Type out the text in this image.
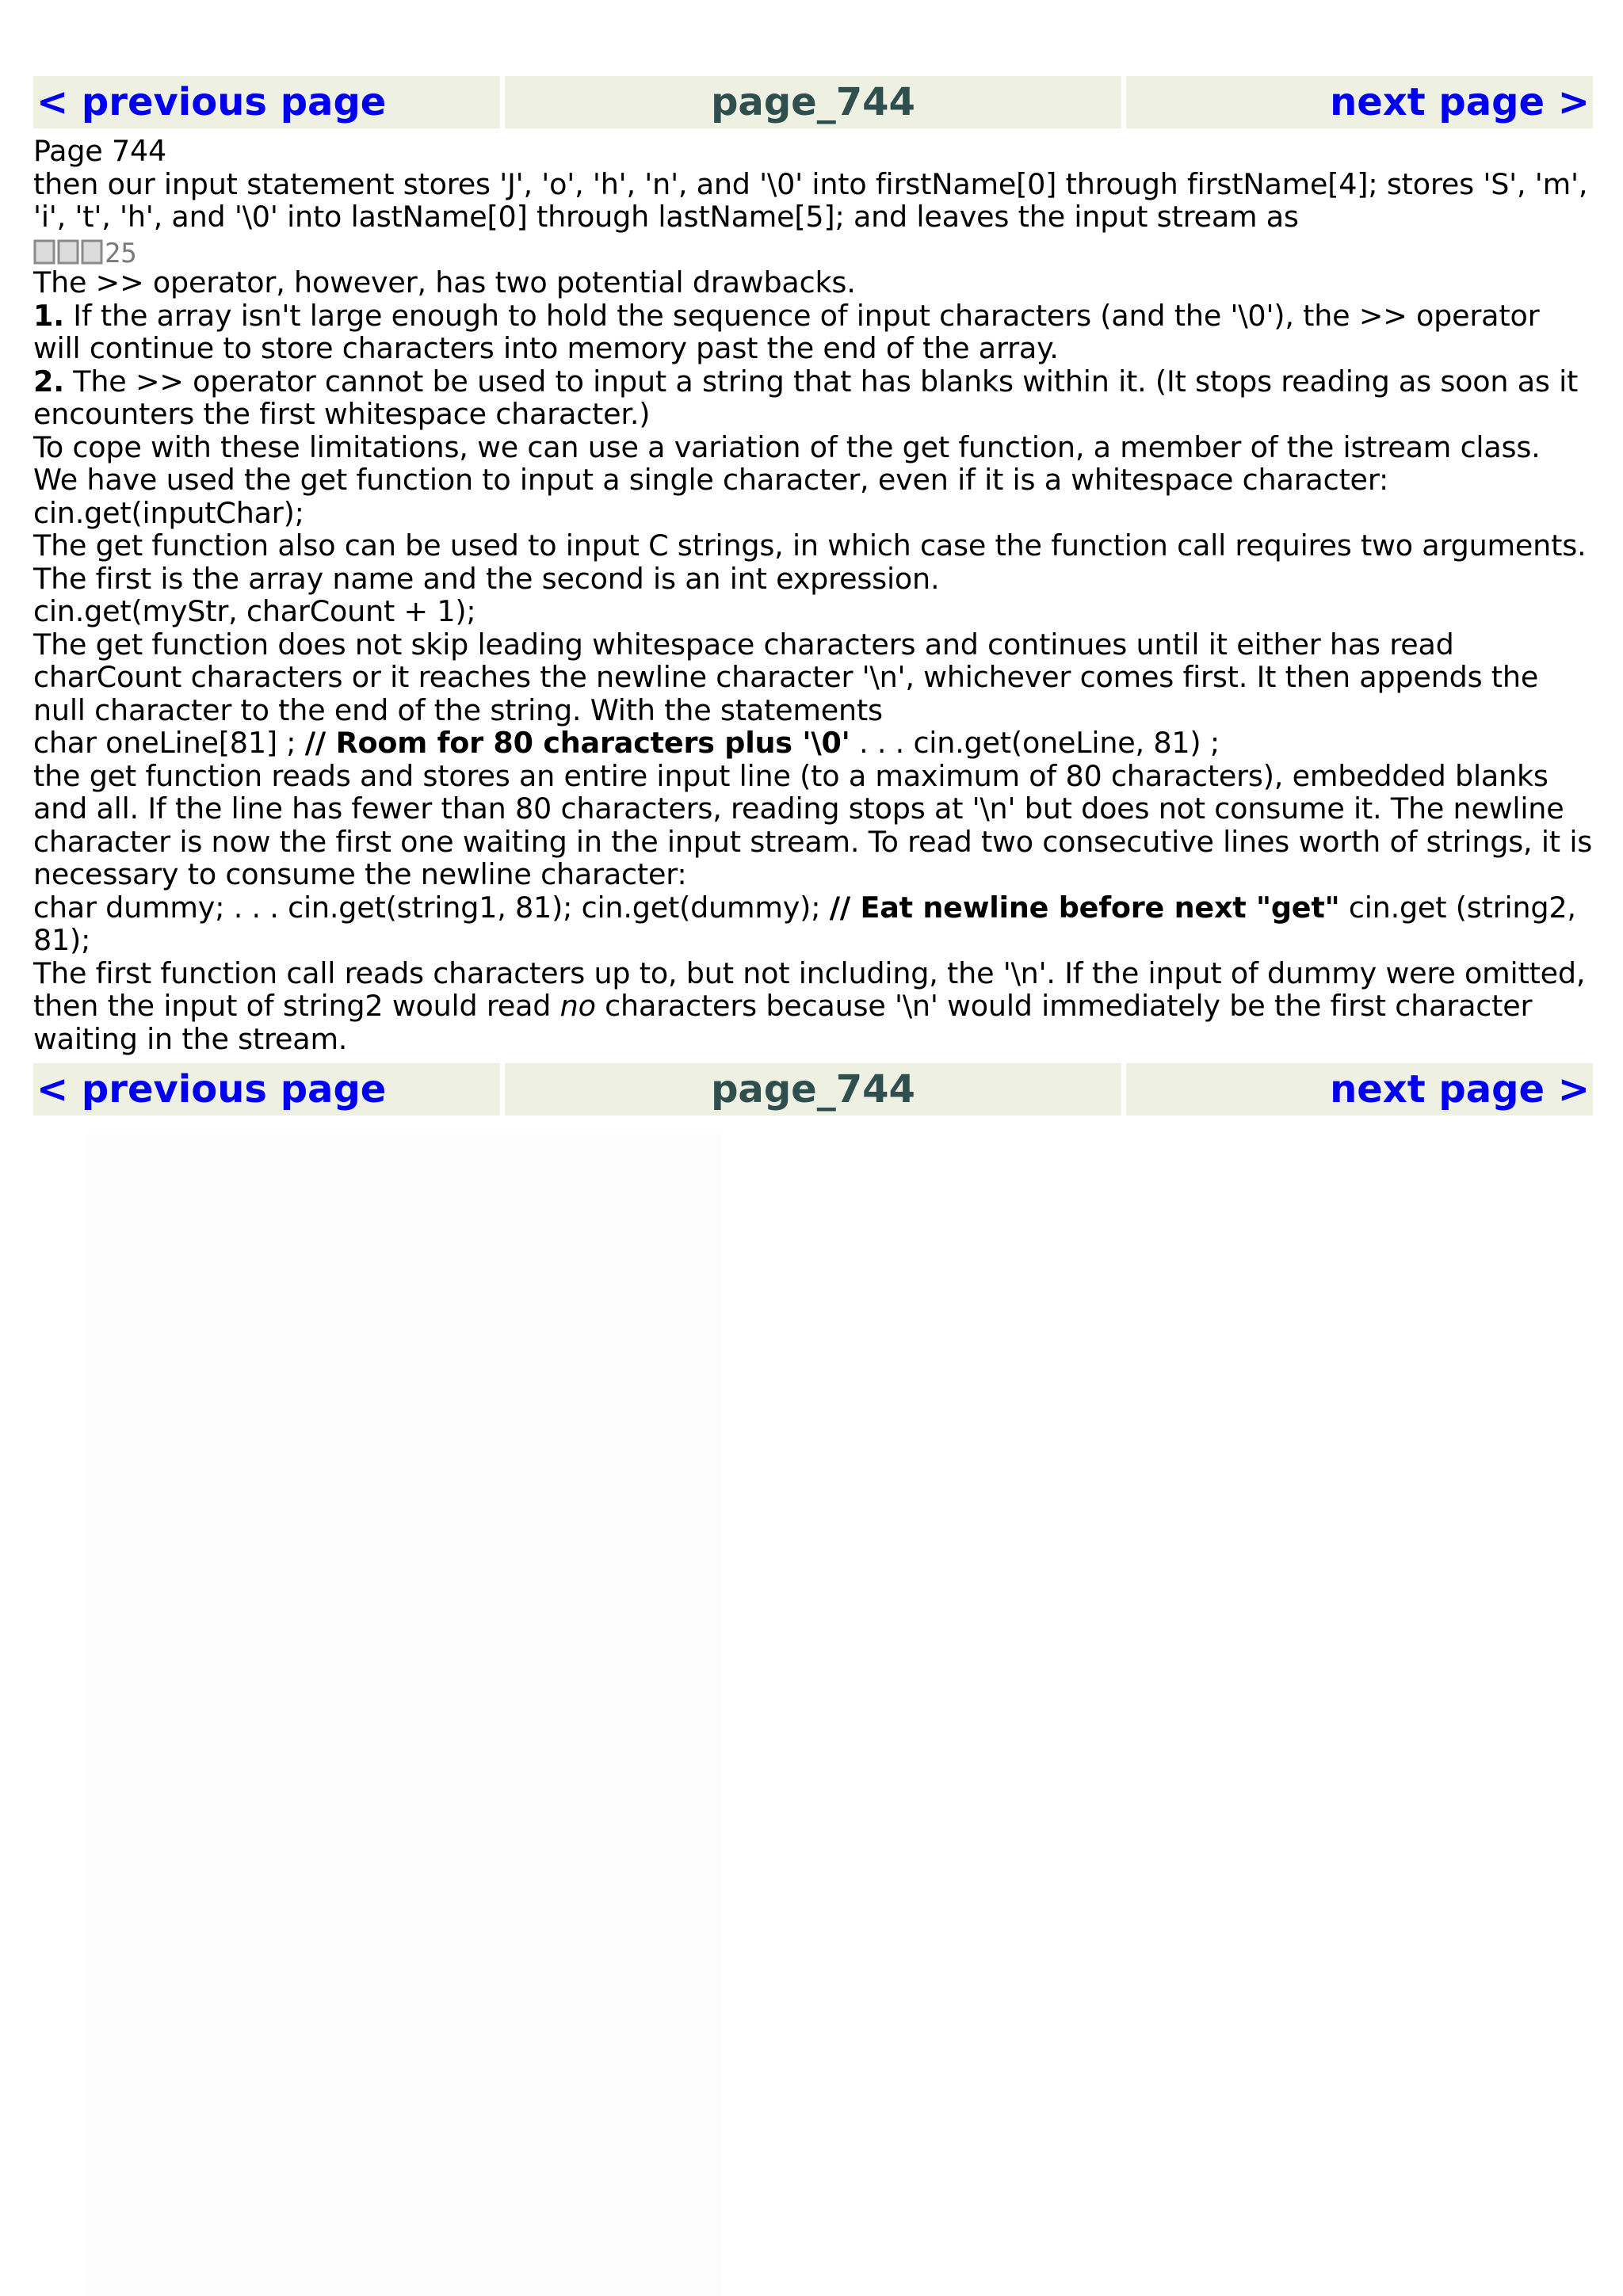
< previous page	page_744	next page >

Page 744

then our input statement stores 'J', 'o', 'h', 'n', and '\0' into firstName[0] through firstName[4]; stores 'S', 'm', 'i', 't', 'h', and '\0' into lastName[0] through lastName[5]; and leaves the input stream as

25

The >> operator, however, has two potential drawbacks.

1. If the array isn't large enough to hold the sequence of input characters (and the '\0'), the >> operator will continue to store characters into memory past the end of the array.

2. The >> operator cannot be used to input a string that has blanks within it. (It stops reading as soon as it encounters the first whitespace character.)

To cope with these limitations, we can use a variation of the get function, a member of the istream class. We have used the get function to input a single character, even if it is a whitespace character:

cin.get(inputChar);

The get function also can be used to input C strings, in which case the function call requires two arguments. The first is the array name and the second is an int expression.

cin.get(myStr, charCount + 1);

The get function does not skip leading whitespace characters and continues until it either has read charCount characters or it reaches the newline character '\n', whichever comes first. It then appends the null character to the end of the string. With the statements

char oneLine[81] ; // Room for 80 characters plus '\0' . . . cin.get(oneLine, 81) ;

the get function reads and stores an entire input line (to a maximum of 80 characters), embedded blanks and all. If the line has fewer than 80 characters, reading stops at '\n' but does not consume it. The newline character is now the first one waiting in the input stream. To read two consecutive lines worth of strings, it is necessary to consume the newline character:

char dummy; . . . cin.get(string1, 81); cin.get(dummy); // Eat newline before next "get" cin.get (string2, 81);

The first function call reads characters up to, but not including, the '\n'. If the input of dummy were omitted, then the input of string2 would read no characters because '\n' would immediately be the first character waiting in the stream.

< previous page	page_744	next page >
